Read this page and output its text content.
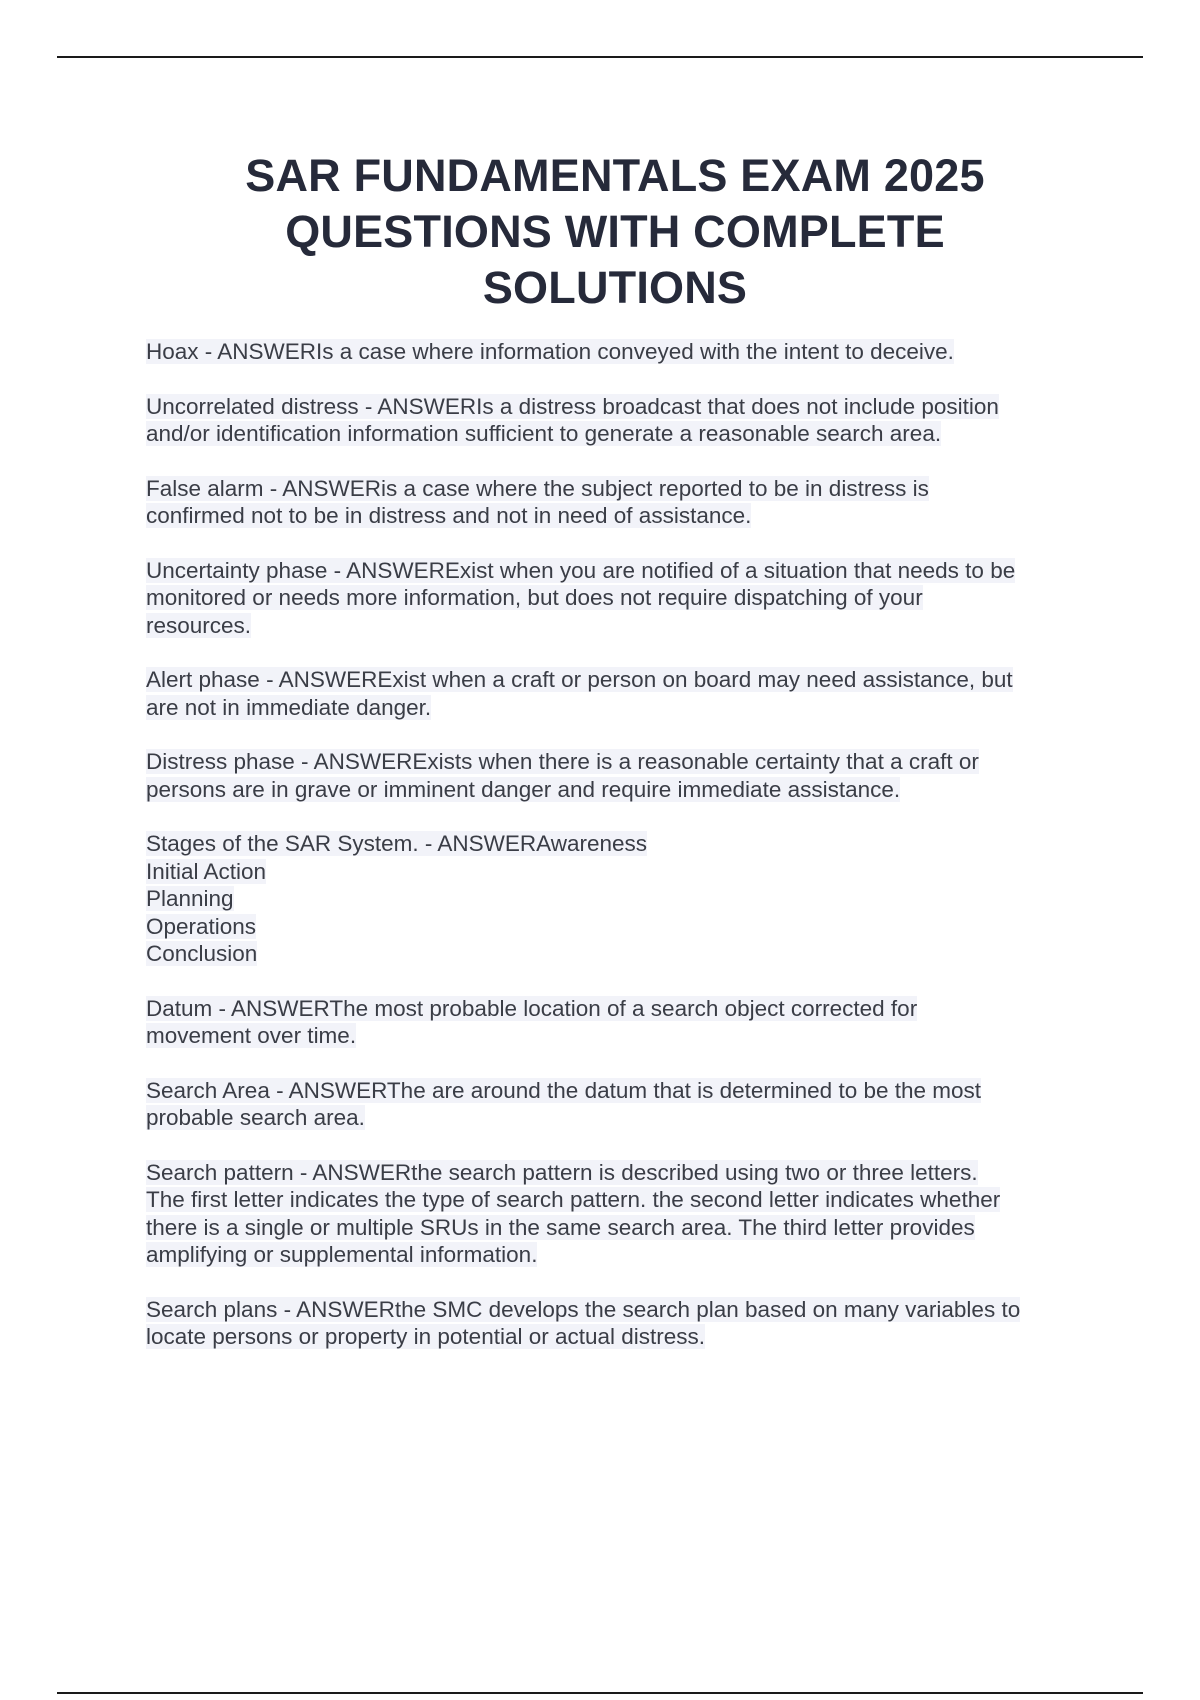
SAR FUNDAMENTALS EXAM 2025
QUESTIONS WITH COMPLETE
SOLUTIONS
Hoax - ANSWERIs a case where information conveyed with the intent to deceive.
Uncorrelated distress - ANSWERIs a distress broadcast that does not include position
and/or identification information sufficient to generate a reasonable search area.
False alarm - ANSWERis a case where the subject reported to be in distress is
confirmed not to be in distress and not in need of assistance.
Uncertainty phase - ANSWERExist when you are notified of a situation that needs to be
monitored or needs more information, but does not require dispatching of your
resources.
Alert phase - ANSWERExist when a craft or person on board may need assistance, but
are not in immediate danger.
Distress phase - ANSWERExists when there is a reasonable certainty that a craft or
persons are in grave or imminent danger and require immediate assistance.
Stages of the SAR System. - ANSWERAwareness
Initial Action
Planning
Operations
Conclusion
Datum - ANSWERThe most probable location of a search object corrected for
movement over time.
Search Area - ANSWERThe are around the datum that is determined to be the most
probable search area.
Search pattern - ANSWERthe search pattern is described using two or three letters.
The first letter indicates the type of search pattern. the second letter indicates whether
there is a single or multiple SRUs in the same search area. The third letter provides
amplifying or supplemental information.
Search plans - ANSWERthe SMC develops the search plan based on many variables to
locate persons or property in potential or actual distress.
